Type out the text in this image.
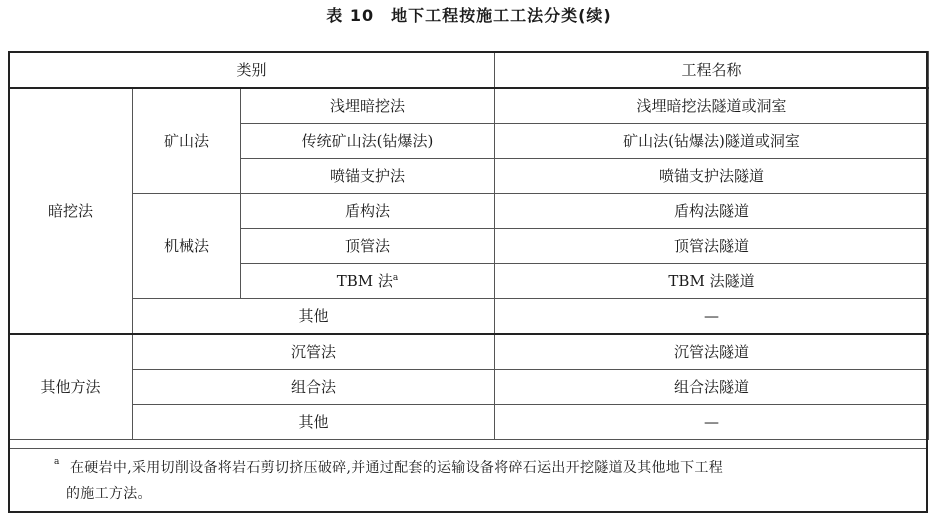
表 10　地下工程按施工工法分类(续)
类别			工程名称
暗挖法	矿山法	浅埋暗挖法	浅埋暗挖法隧道或洞室
		传统矿山法(钻爆法)	矿山法(钻爆法)隧道或洞室
		喷锚支护法	喷锚支护法隧道
	机械法	盾构法	盾构法隧道
		顶管法	顶管法隧道
		TBM 法$^a$	TBM 法隧道
	其他		—
其他方法	沉管法		沉管法隧道
	组合法		组合法隧道
	其他		—
a 在硬岩中,采用切削设备将岩石剪切挤压破碎,并通过配套的运输设备将碎石运出开挖隧道及其他地下工程
的施工方法。
